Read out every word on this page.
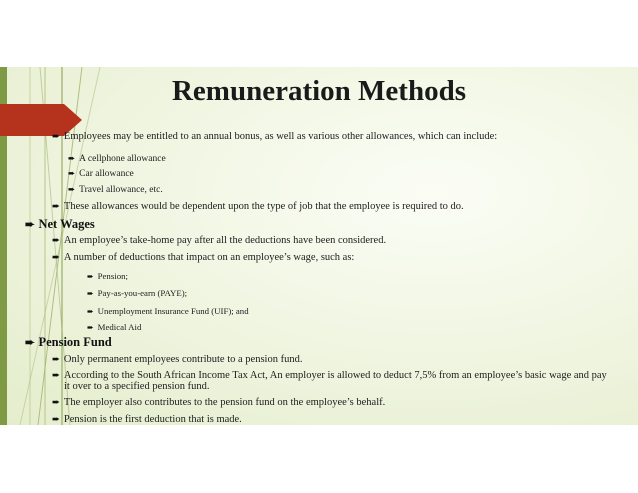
Remuneration Methods
➨ Employees may be entitled to an annual bonus, as well as various other allowances, which can include:
➨ A cellphone allowance
➨ Car allowance
➨ Travel allowance, etc.
➨ These allowances would be dependent upon the type of job that the employee is required to do.
➨ Net Wages
➨ An employee’s take-home pay after all the deductions have been considered.
➨ A number of deductions that impact on an employee’s wage, such as:
➨ Pension;
➨ Pay-as-you-earn (PAYE);
➨ Unemployment Insurance Fund (UIF); and
➨ Medical Aid
➨ Pension Fund
➨ Only permanent employees contribute to a pension fund.
➨ According to the South African Income Tax Act, An employer is allowed to deduct 7,5% from an employee’s basic wage and pay
it over to a specified pension fund.
➨ The employer also contributes to the pension fund on the employee’s behalf.
➨ Pension is the first deduction that is made.
